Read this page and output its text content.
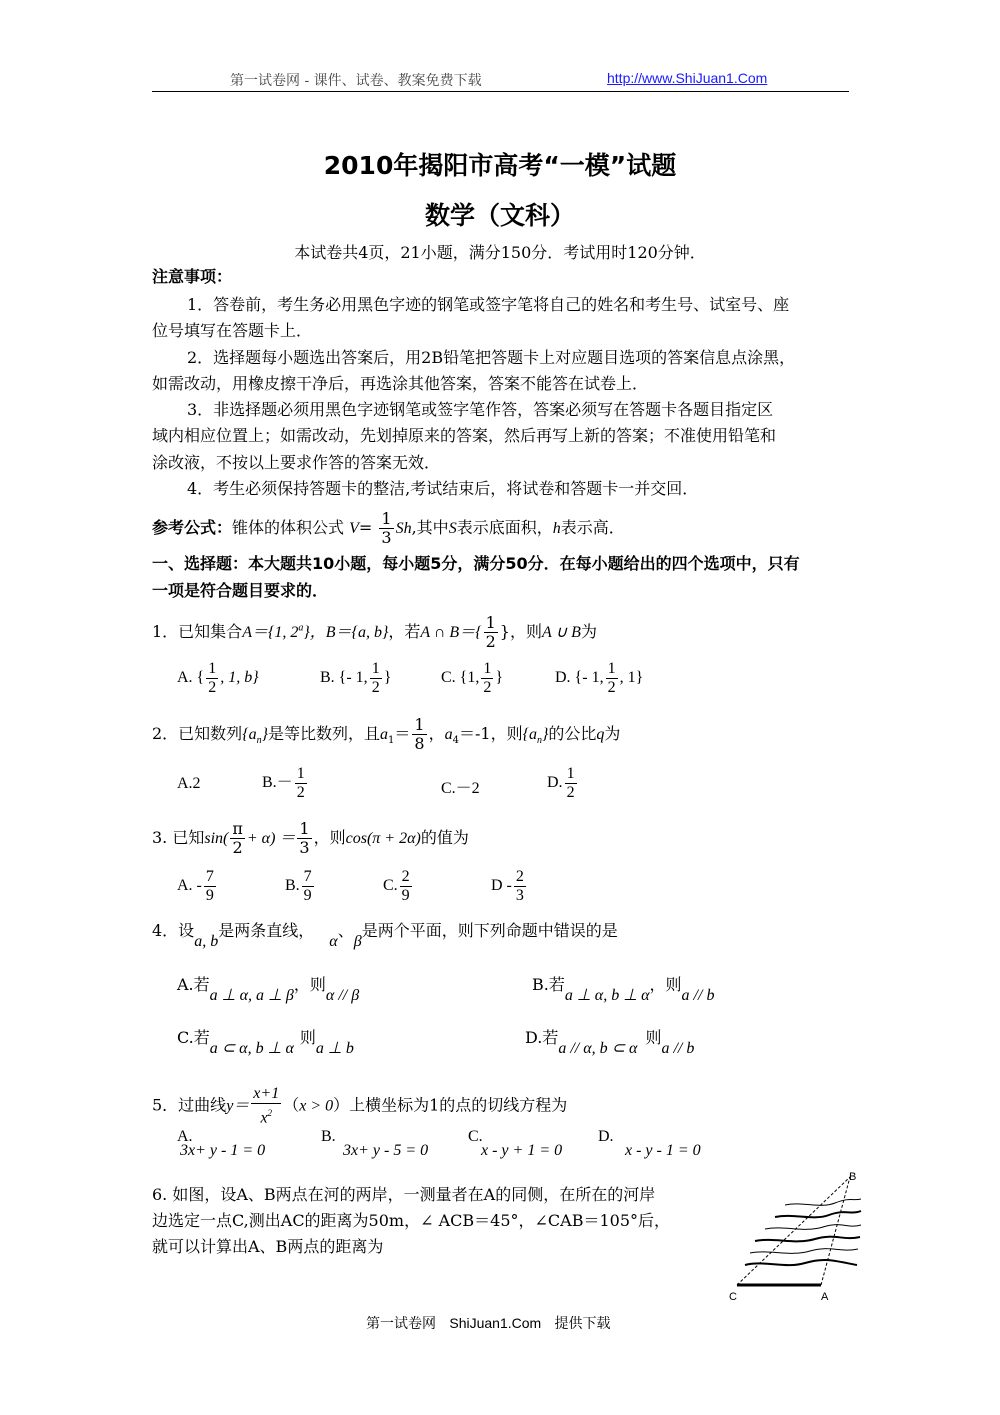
第一试卷网 - 课件、试卷、教案免费下载	http://www.ShiJuan1.Com
2010年揭阳市高考“一模”试题
数学（文科）
本试卷共4页，21小题，满分150分．考试用时120分钟．
注意事项：
1．答卷前，考生务必用黑色字迹的钢笔或签字笔将自己的姓名和考生号、试室号、座
位号填写在答题卡上．
2．选择题每小题选出答案后，用2B铅笔把答题卡上对应题目选项的答案信息点涂黑，
如需改动，用橡皮擦干净后，再选涂其他答案，答案不能答在试卷上．
3．非选择题必须用黑色字迹钢笔或签字笔作答，答案必须写在答题卡各题目指定区
域内相应位置上；如需改动，先划掉原来的答案，然后再写上新的答案；不准使用铅笔和
涂改液，不按以上要求作答的答案无效．
4．考生必须保持答题卡的整洁,考试结束后，将试卷和答题卡一并交回．
参考公式：锥体的体积公式 $V= \frac{1}{3} Sh$,其中S表示底面积，h表示高．
一、选择题：本大题共10小题，每小题5分，满分50分．在每小题给出的四个选项中，只有
一项是符合题目要求的．
1．已知集合A＝{1, 2$^a$}，B＝{a, b}，若A ∩ $B=\{ \frac{1}{2}$ }，则A ∪ B为
A. { $\frac{1}{2}$ , 1, b}	B. {- 1, $\frac{1}{2}$ }	C. {1, $\frac{1}{2}$ }	D. {- 1, $\frac{1}{2}$ , 1}
2．已知数列$\{a_n\}$是等比数列，且$a_1= \frac{1}{8}$ ，$a_4=-1$，则$\{a_n\}$的公比q为
A.2	$B.- \frac{1}{2}$	C.－2	D. $\frac{1}{2}$
3. 已知$\sin( \frac{\pi}{2} + \alpha) = \frac{1}{3}$ ，则cos(π + 2α)的值为
A. - $\frac{7}{9}$	B. $\frac{7}{9}$	C. $\frac{2}{9}$	D - $\frac{2}{3}$
4．设a, b是两条直线， α、β是两个平面，则下列命题中错误的是
A.若a ⊥ α, a ⊥ β，则α // β
B.若a ⊥ α, b ⊥ α，则a // b
C.若a ⊂ α, b ⊥ α则a ⊥ b
D.若a // α, b ⊂ α则a // b
5．过曲线$y= \frac{x+1}{x^2} (x > 0)$上横坐标为1的点的切线方程为
A.
3x+ y - 1 = 0
B.
3x+ y - 5 = 0
C.
x - y + 1 = 0
D.
x - y - 1 = 0
6. 如图，设A、B两点在河的两岸，一测量者在A的同侧，在所在的河岸
边选定一点C,测出AC的距离为50m，∠ ACB＝45°，∠CAB＝105°后，
就可以计算出A、B两点的距离为
C	A
B
第一试卷网 ShiJuan1.Com 提供下载
